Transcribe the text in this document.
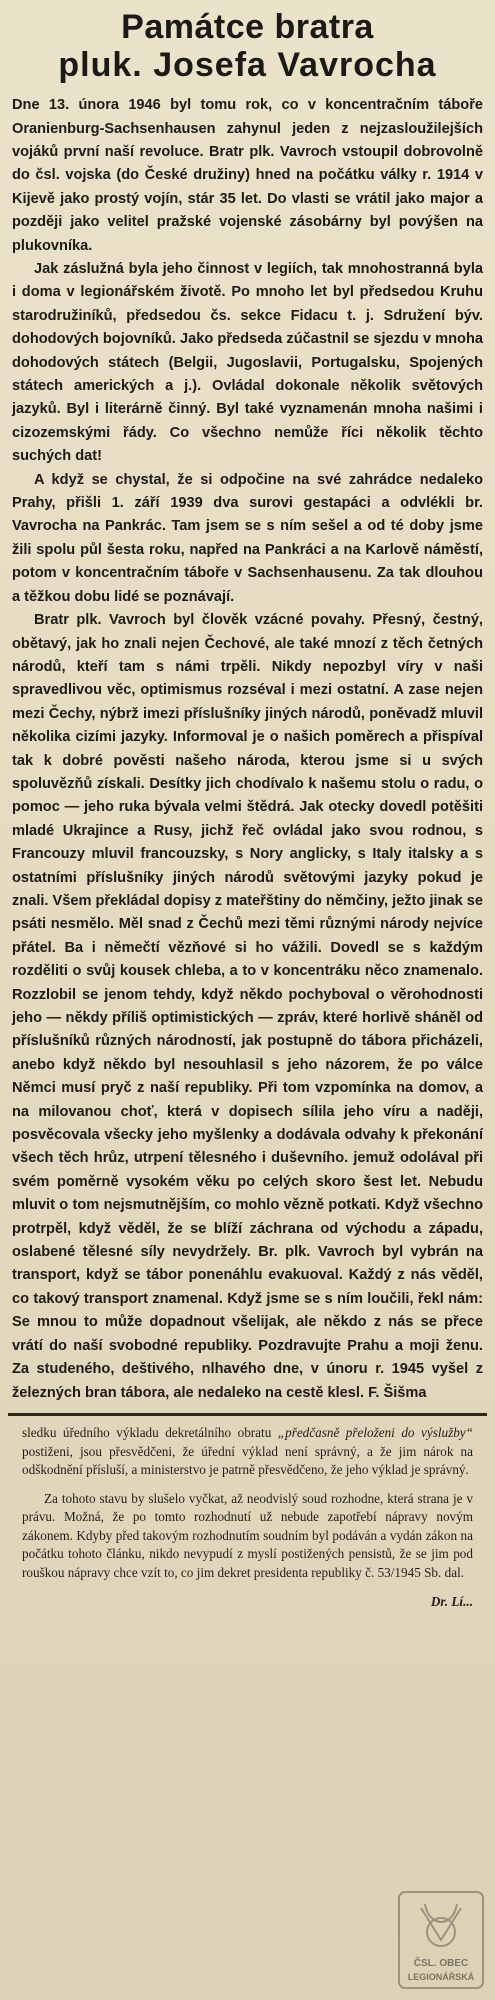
Památce bratra
pluk. Josefa Vavrocha

Dne 13. února 1946 byl tomu rok, co v koncentračním táboře Oranienburg-Sachsenhausen zahynul jeden z nejzasloužilejších vojáků první naší revoluce. Bratr plk. Vavroch vstoupil dobrovolně do čsl. vojska (do České družiny) hned na počátku války r. 1914 v Kijevě jako prostý vojín, stár 35 let. Do vlasti se vrátil jako major a později jako velitel pražské vojenské zásobárny byl povýšen na plukovníka.

Jak záslužná byla jeho činnost v legiích, tak mnohostranná byla i doma v legionářském životě. Po mnoho let byl předsedou Kruhu starodružiníků, předsedou čs. sekce Fidacu t. j. Sdružení býv. dohodových bojovníků. Jako předseda zúčastnil se sjezdu v mnoha dohodových státech (Belgii, Jugoslavii, Portugalsku, Spojených státech amerických a j.). Ovládal dokonale několik světových jazyků. Byl i literárně činný. Byl také vyznamenán mnoha našimi i cizozemskými řády. Co všechno nemůže říci několik těchto suchých dat!

A když se chystal, že si odpočine na své zahrádce nedaleko Prahy, přišli 1. září 1939 dva surovi gestapáci a odvlékli br. Vavrocha na Pankrác. Tam jsem se s ním sešel a od té doby jsme žili spolu půl šesta roku, napřed na Pankráci a na Karlově náměstí, potom v koncentračním táboře v Sachsenhausenu. Za tak dlouhou a těžkou dobu lidé se poznávají.

Bratr plk. Vavroch byl člověk vzácné povahy. Přesný, čestný, obětavý, jak ho znali nejen Čechové, ale také mnozí z těch četných národů, kteří tam s námi trpěli. Nikdy nepozbyl víry v naši spravedlivou věc, optimismus rozséval i mezi ostatní. A zase nejen mezi Čechy, nýbrž imezi příslušníky jiných národů, poněvadž mluvil několika cizími jazyky. Informoval je o našich poměrech a přispíval tak k dobré pověsti našeho národa, kterou jsme si u svých spoluvězňů získali. Desítky jich chodívalo k našemu stolu o radu, o pomoc — jeho ruka bývala velmi štědrá. Jak otecky dovedl potěšiti mladé Ukrajince a Rusy, jichž řeč ovládal jako svou rodnou, s Francouzy mluvil francouzsky, s Nory anglicky, s Italy italsky a s ostatními příslušníky jiných národů světovými jazyky pokud je znali. Všem překládal dopisy z mateřštiny do němčiny, ježto jinak se psáti nesmělo. Měl snad z Čechů mezi těmi různými národy nejvíce přátel. Ba i němečtí vězňové si ho vážili. Dovedl se s každým rozděliti o svůj kousek chleba, a to v koncentráku něco znamenalo. Rozzlobil se jenom tehdy, když někdo pochyboval o věrohodnosti jeho — někdy příliš optimistických — zpráv, které horlivě sháněl od příslušníků různých národností, jak postupně do tábora přicházeli, anebo když někdo byl nesouhlasil s jeho názorem, že po válce Němci musí pryč z naší republiky. Při tom vzpomínka na domov, a na milovanou choť, která v dopisech sílila jeho víru a naději, posvěcovala všecky jeho myšlenky a dodávala odvahy k překonání všech těch hrůz, utrpení tělesného i duševního. jemuž odolával při svém poměrně vysokém věku po celých skoro šest let. Nebudu mluvit o tom nejsmutnějším, co mohlo vězně potkati. Když všechno protrpěl, když věděl, že se blíží záchrana od východu a západu, oslabené tělesné síly nevydržely. Br. plk. Vavroch byl vybrán na transport, když se tábor ponenáhlu evakuoval. Každý z nás věděl, co takový transport znamenal. Když jsme se s ním loučili, řekl nám: Se mnou to může dopadnout všelijak, ale někdo z nás se přece vrátí do naší svobodné republiky. Pozdravujte Prahu a moji ženu. Za studeného, deštivého, nlhavého dne, v únoru r. 1945 vyšel z železných bran tábora, ale nedaleko na cestě klesl. F. Šišma

sledku úředního výkladu dekretálního obratu „předčasně přeloženi do výslužby“ postiženi, jsou přesvědčeni, že úřední výklad není správný, a že jim nárok na odškodnění přísluší, a ministerstvo je patrně přesvědčeno, že jeho výklad je správný.

Za tohoto stavu by slušelo vyčkat, až neodvislý soud rozhodne, která strana je v právu. Možná, že po tomto rozhodnutí už nebude zapotřebí nápravy novým zákonem. Kdyby před takovým rozhodnutím soudním byl podáván a vydán zákon na počátku tohoto článku, nikdo nevypudí z myslí postižených pensistů, že se jim pod rouškou nápravy chce vzít to, co jim dekret presidenta republiky č. 53/1945 Sb. dal.

Dr. Lí...
ČSL. OBEC
LEGIONÁŘSKÁ
